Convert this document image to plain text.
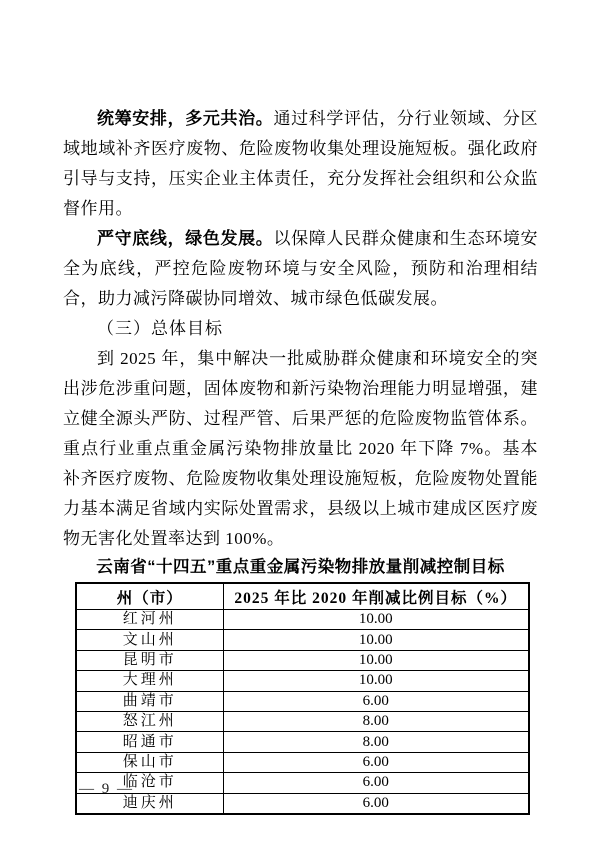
统筹安排，多元共治。通过科学评估，分行业领域、分区域地域补齐医疗废物、危险废物收集处理设施短板。强化政府引导与支持，压实企业主体责任，充分发挥社会组织和公众监督作用。

严守底线，绿色发展。以保障人民群众健康和生态环境安全为底线，严控危险废物环境与安全风险，预防和治理相结合，助力减污降碳协同增效、城市绿色低碳发展。

（三）总体目标

到 2025 年，集中解决一批威胁群众健康和环境安全的突出涉危涉重问题，固体废物和新污染物治理能力明显增强，建立健全源头严防、过程严管、后果严惩的危险废物监管体系。重点行业重点重金属污染物排放量比 2020 年下降 7%。基本补齐医疗废物、危险废物收集处理设施短板，危险废物处置能力基本满足省域内实际处置需求，县级以上城市建成区医疗废物无害化处置率达到 100%。

云南省“十四五”重点重金属污染物排放量削减控制目标
州（市）	2025 年比 2020 年削减比例目标（%）
红河州	10.00
文山州	10.00
昆明市	10.00
大理州	10.00
曲靖市	6.00
怒江州	8.00
昭通市	8.00
保山市	6.00
临沧市	6.00
迪庆州	6.00
— 9 —
